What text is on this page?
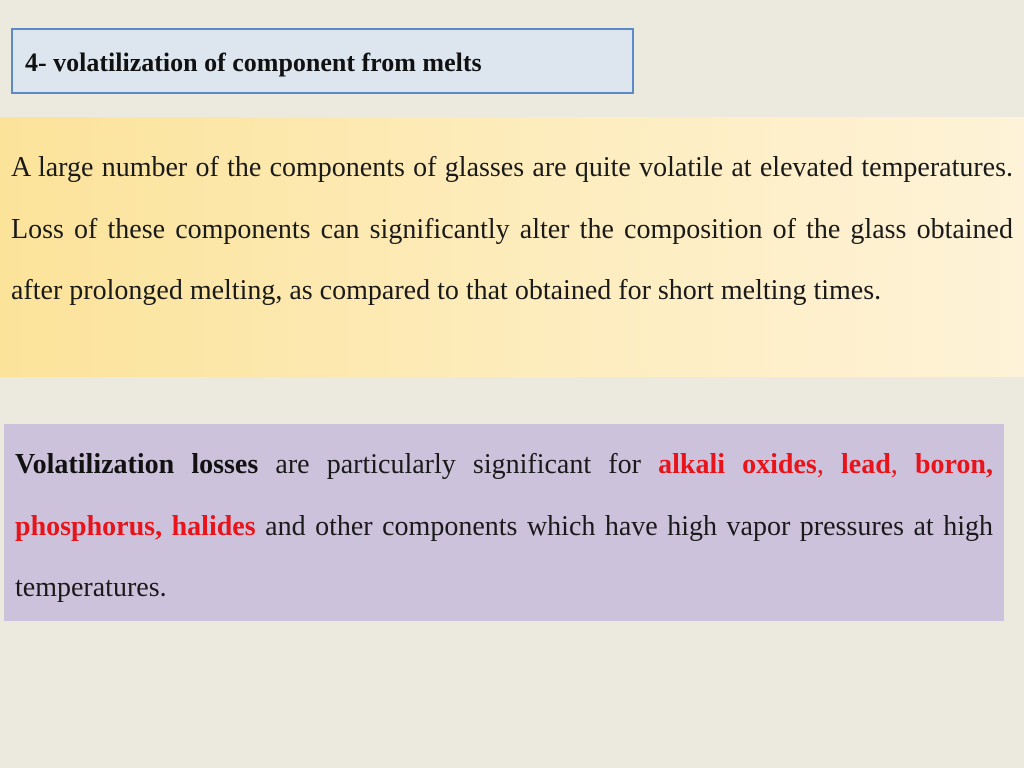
4- volatilization of component from melts

A large number of the components of glasses are quite volatile at elevated temperatures. Loss of these components can significantly alter the composition of the glass obtained after prolonged melting, as compared to that obtained for short melting times.

Volatilization losses are particularly significant for alkali oxides, lead, boron, phosphorus, halides and other components which have high vapor pressures at high temperatures.
